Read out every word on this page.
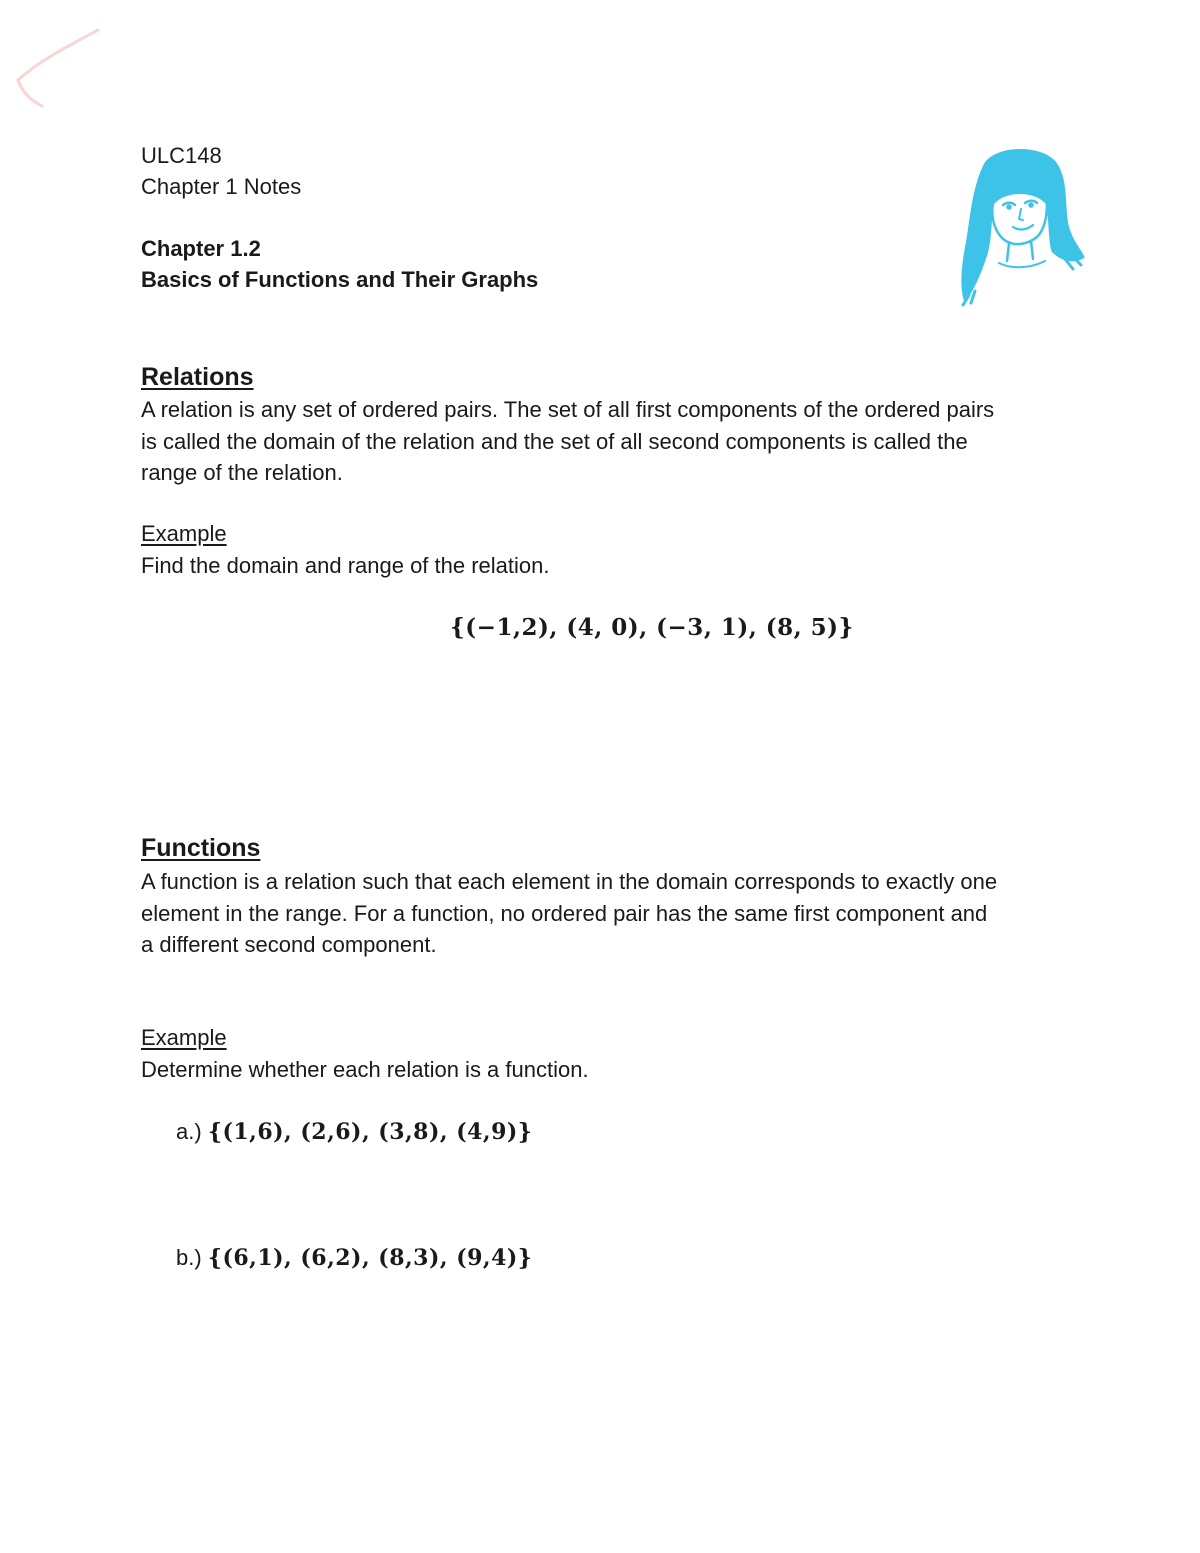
ULC148
Chapter 1 Notes
Chapter 1.2
Basics of Functions and Their Graphs
Relations
A relation is any set of ordered pairs. The set of all first components of the ordered pairs
is called the domain of the relation and the set of all second components is called the
range of the relation.
Example
Find the domain and range of the relation.
{(−1,2), (4, 0), (−3, 1), (8, 5)}
Functions
A function is a relation such that each element in the domain corresponds to exactly one
element in the range. For a function, no ordered pair has the same first component and
a different second component.
Example
Determine whether each relation is a function.
a.) {(1,6), (2,6), (3,8), (4,9)}
b.) {(6,1), (6,2), (8,3), (9,4)}
